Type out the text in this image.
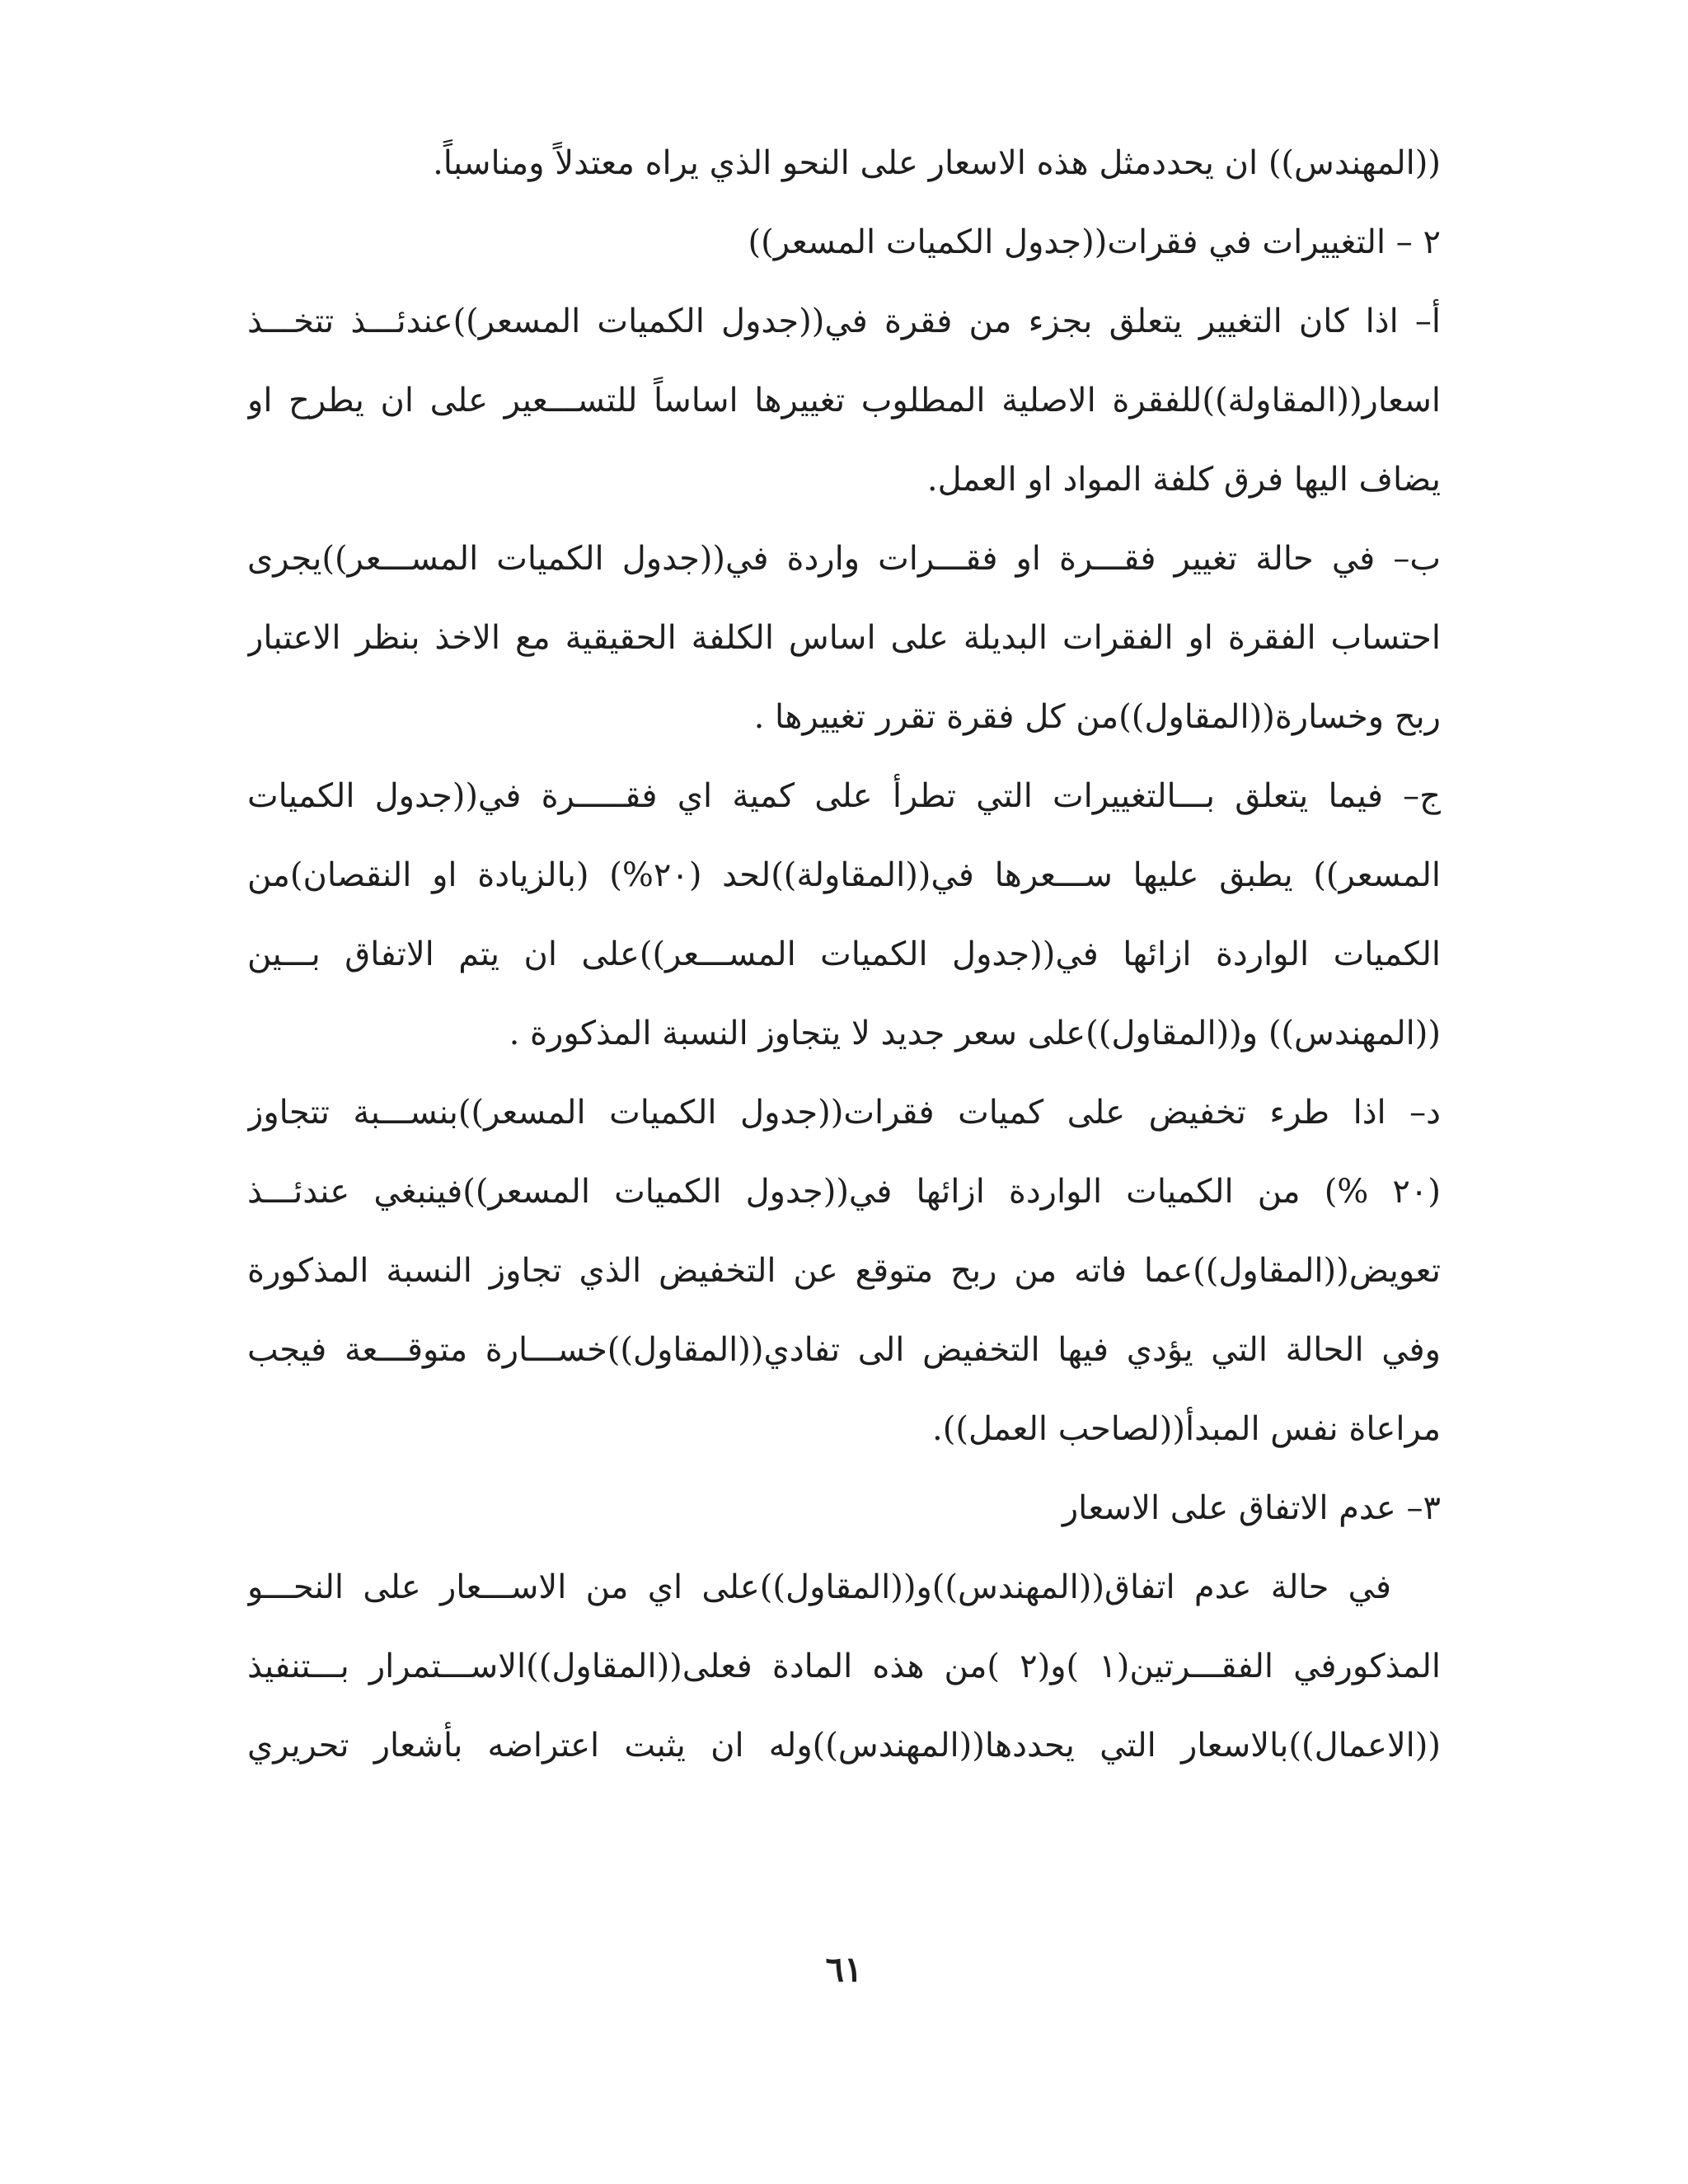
((المهندس)) ان يحددمثل هذه الاسعار على النحو الذي يراه معتدلاً ومناسباً.
٢ – التغييرات في فقرات((جدول الكميات المسعر))
أ– اذا كان التغيير يتعلق بجزء من فقرة في((جدول الكميات المسعر))عندئـــذ تتخـــذ
اسعار((المقاولة))للفقرة الاصلية المطلوب تغييرها اساساً للتســـعير على ان يطرح او
يضاف اليها فرق كلفة المواد او العمل.
ب– في حالة تغيير فقـــرة او فقـــرات واردة في((جدول الكميات المســـعر))يجرى
احتساب الفقرة او الفقرات البديلة على اساس الكلفة الحقيقية مع الاخذ بنظر الاعتبار
ربح وخسارة((المقاول))من كل فقرة تقرر تغييرها .
ج– فيما يتعلق بـــالتغييرات التي تطرأ على كمية اي فقـــــرة في((جدول الكميات
المسعر)) يطبق عليها ســـعرها في((المقاولة))لحد (٢٠%) (بالزيادة او النقصان)من
الكميات الواردة ازائها في((جدول الكميات المســـعر))على ان يتم الاتفاق بـــين
((المهندس)) و((المقاول))على سعر جديد لا يتجاوز النسبة المذكورة .
د– اذا طرء تخفيض على كميات فقرات((جدول الكميات المسعر))بنســـبة تتجاوز
(٢٠ %) من الكميات الواردة ازائها في((جدول الكميات المسعر))فينبغي عندئـــذ
تعويض((المقاول))عما فاته من ربح متوقع عن التخفيض الذي تجاوز النسبة المذكورة
وفي الحالة التي يؤدي فيها التخفيض الى تفادي((المقاول))خســـارة متوقـــعة فيجب
مراعاة نفس المبدأ((لصاحب العمل)).
٣– عدم الاتفاق على الاسعار
في حالة عدم اتفاق((المهندس))و((المقاول))على اي من الاســـعار على النحـــو
المذكورفي الفقـــرتين(١ )و(٢ )من هذه المادة فعلى((المقاول))الاســـتمرار بـــتنفيذ
((الاعمال))بالاسعار التي يحددها((المهندس))وله ان يثبت اعتراضه بأشعار تحريري
٦١
